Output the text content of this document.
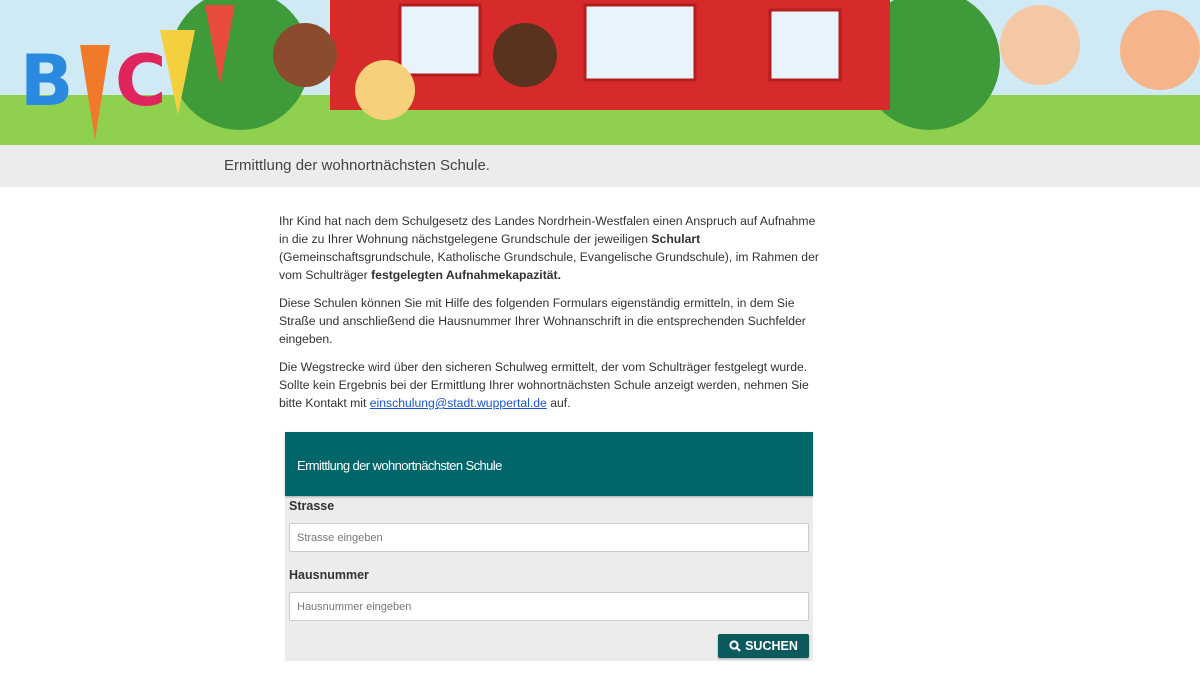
B C
Ermittlung der wohnortnächsten Schule.

Ihr Kind hat nach dem Schulgesetz des Landes Nordrhein-Westfalen einen Anspruch auf Aufnahme in die zu Ihrer Wohnung nächstgelegene Grundschule der jeweiligen Schulart (Gemeinschaftsgrundschule, Katholische Grundschule, Evangelische Grundschule), im Rahmen der vom Schulträger festgelegten Aufnahmekapazität.

Diese Schulen können Sie mit Hilfe des folgenden Formulars eigenständig ermitteln, in dem Sie Straße und anschließend die Hausnummer Ihrer Wohnanschrift in die entsprechenden Suchfelder eingeben.

Die Wegstrecke wird über den sicheren Schulweg ermittelt, der vom Schulträger festgelegt wurde. Sollte kein Ergebnis bei der Ermittlung Ihrer wohnortnächsten Schule anzeigt werden, nehmen Sie bitte Kontakt mit einschulung@stadt.wuppertal.de auf.

Ermittlung der wohnortnächsten Schule
Strasse
Strasse eingeben
Hausnummer
Hausnummer eingeben
SUCHEN
